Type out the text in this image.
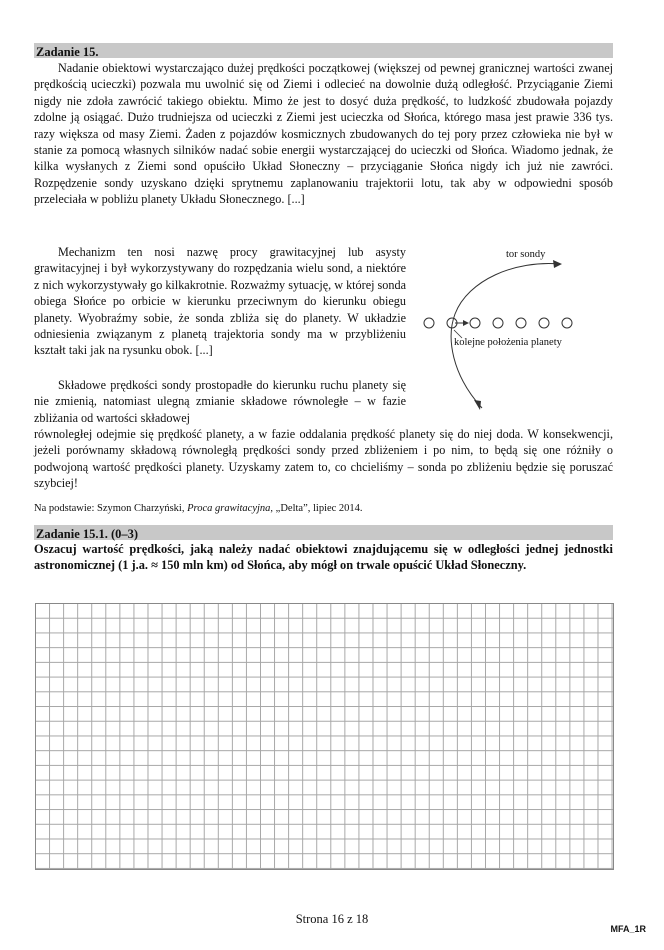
Zadanie 15.

Nadanie obiektowi wystarczająco dużej prędkości początkowej (większej od pewnej granicznej wartości zwanej prędkością ucieczki) pozwala mu uwolnić się od Ziemi i odlecieć na dowolnie dużą odległość. Przyciąganie Ziemi nigdy nie zdoła zawrócić takiego obiektu. Mimo że jest to dosyć duża prędkość, to ludzkość zbudowała pojazdy zdolne ją osiągać. Dużo trudniejsza od ucieczki z Ziemi jest ucieczka od Słońca, którego masa jest prawie 336 tys. razy większa od masy Ziemi. Żaden z pojazdów kosmicznych zbudowanych do tej pory przez człowieka nie był w stanie za pomocą własnych silników nadać sobie energii wystarczającej do ucieczki od Słońca. Wiadomo jednak, że kilka wysłanych z Ziemi sond opuściło Układ Słoneczny – przyciąganie Słońca nigdy ich już nie zawróci. Rozpędzenie sondy uzyskano dzięki sprytnemu zaplanowaniu trajektorii lotu, tak aby w odpowiedni sposób przeleciała w pobliżu planety Układu Słonecznego. [...]

Mechanizm ten nosi nazwę procy grawitacyjnej lub asysty grawitacyjnej i był wykorzystywany do rozpędzania wielu sond, a niektóre z nich wykorzystywały go kilkakrotnie. Rozważmy sytuację, w której sonda obiega Słońce po orbicie w kierunku przeciwnym do kierunku obiegu planety. Wyobraźmy sobie, że sonda zbliża się do planety. W układzie odniesienia związanym z planetą trajektoria sondy ma w przybliżeniu kształt taki jak na rysunku obok. [...]

Składowe prędkości sondy prostopadłe do kierunku ruchu planety się nie zmienią, natomiast ulegną zmianie składowe równoległe – w fazie zbliżania od wartości składowej

równoległej odejmie się prędkość planety, a w fazie oddalania prędkość planety się do niej doda. W konsekwencji, jeżeli porównamy składową równoległą prędkości sondy przed zbliżeniem i po nim, to będą się one różniły o podwojoną wartość prędkości planety. Uzyskamy zatem to, co chcieliśmy – sonda po zbliżeniu będzie się poruszać szybciej!

tor sondy
kolejne położenia planety
Na podstawie: Szymon Charzyński, Proca grawitacyjna, „Delta”, lipiec 2014.
Zadanie 15.1. (0–3)

Oszacuj wartość prędkości, jaką należy nadać obiektowi znajdującemu się w odległości jednej jednostki astronomicznej (1 j.a. ≈ 150 mln km) od Słońca, aby mógł on trwale opuścić Układ Słoneczny.

Strona 16 z 18
MFA_1R
